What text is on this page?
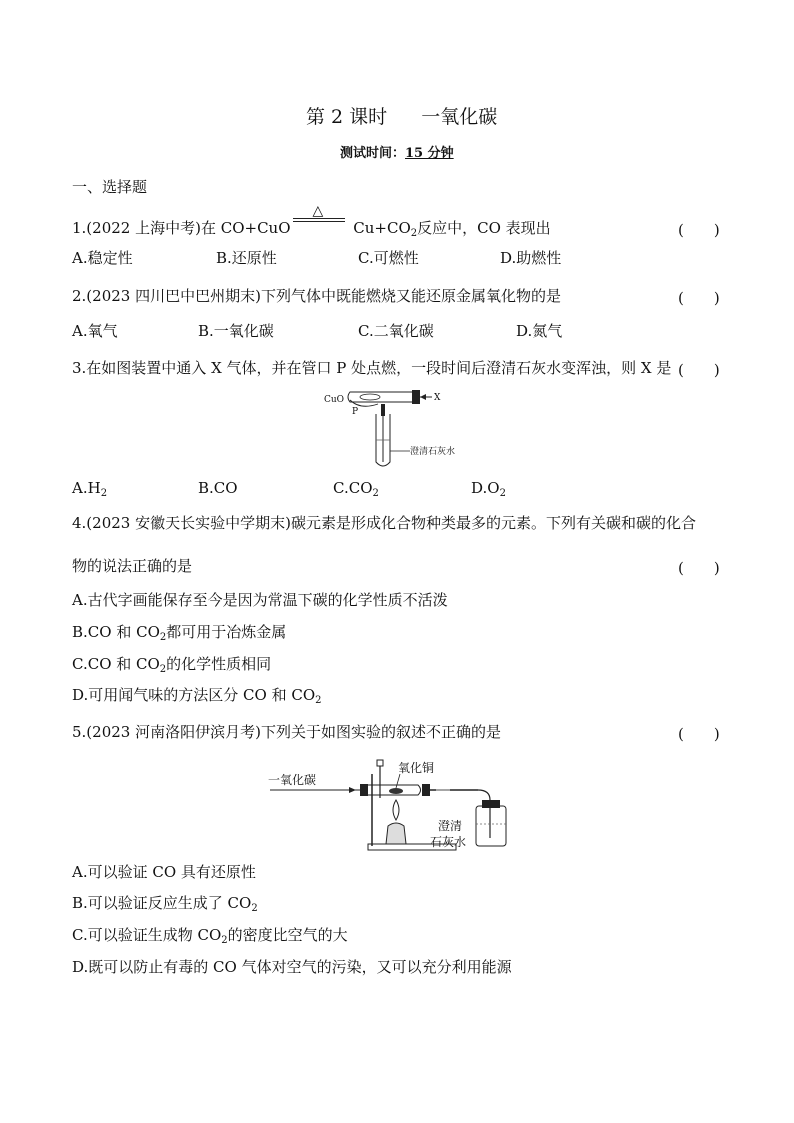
第 2 课时 一氧化碳
测试时间：15 分钟
一、选择题
1.(2022 上海中考)在 CO+CuO
△
$Cu+CO_2$反应中，CO 表现出	(　　)
A.稳定性	B.还原性	C.可燃性	D.助燃性
2.(2023 四川巴中巴州期末)下列气体中既能燃烧又能还原金属氧化物的是	(　　)
A.氧气	B.一氧化碳	C.二氧化碳	D.氮气
3.在如图装置中通入 X 气体，并在管口 P 处点燃，一段时间后澄清石灰水变浑浊，则 X 是 (　　)
CuO	X
P
澄清石灰水
$A.H_2$	B.CO	$C.CO_2$	$D.O_2$
4.(2023 安徽天长实验中学期末)碳元素是形成化合物种类最多的元素。下列有关碳和碳的化合
物的说法正确的是	(　　)
A.古代字画能保存至今是因为常温下碳的化学性质不活泼
B.CO 和 $CO_2$都可用于冶炼金属
C.CO 和 $CO_2$的化学性质相同
D.可用闻气味的方法区分 CO 和 $CO_2$
5.(2023 河南洛阳伊滨月考)下列关于如图实验的叙述不正确的是	(　　)
一氧化碳
氧化铜
澄清
石灰水
A.可以验证 CO 具有还原性
B.可以验证反应生成了 $CO_2$
C.可以验证生成物 $CO_2$的密度比空气的大
D.既可以防止有毒的 CO 气体对空气的污染，又可以充分利用能源
